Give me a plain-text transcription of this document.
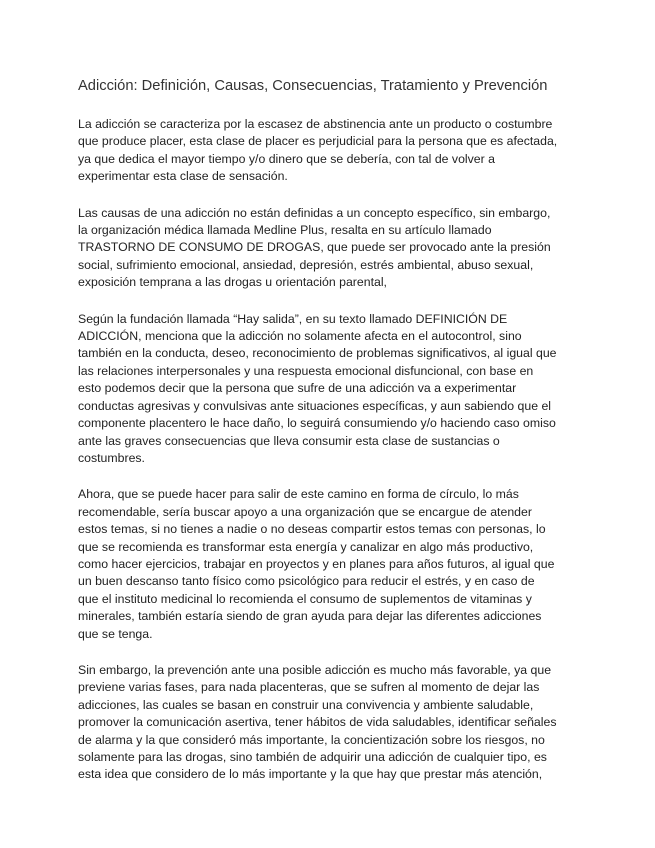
Adicción: Definición, Causas, Consecuencias, Tratamiento y Prevención

La adicción se caracteriza por la escasez de abstinencia ante un producto o costumbre
que produce placer, esta clase de placer es perjudicial para la persona que es afectada,
ya que dedica el mayor tiempo y/o dinero que se debería, con tal de volver a
experimentar esta clase de sensación.

Las causas de una adicción no están definidas a un concepto específico, sin embargo,
la organización médica llamada Medline Plus, resalta en su artículo llamado
TRASTORNO DE CONSUMO DE DROGAS, que puede ser provocado ante la presión
social, sufrimiento emocional, ansiedad, depresión, estrés ambiental, abuso sexual,
exposición temprana a las drogas u orientación parental,

Según la fundación llamada “Hay salida”, en su texto llamado DEFINICIÓN DE
ADICCIÓN, menciona que la adicción no solamente afecta en el autocontrol, sino
también en la conducta, deseo, reconocimiento de problemas significativos, al igual que
las relaciones interpersonales y una respuesta emocional disfuncional, con base en
esto podemos decir que la persona que sufre de una adicción va a experimentar
conductas agresivas y convulsivas ante situaciones específicas, y aun sabiendo que el
componente placentero le hace daño, lo seguirá consumiendo y/o haciendo caso omiso
ante las graves consecuencias que lleva consumir esta clase de sustancias o
costumbres.

Ahora, que se puede hacer para salir de este camino en forma de círculo, lo más
recomendable, sería buscar apoyo a una organización que se encargue de atender
estos temas, si no tienes a nadie o no deseas compartir estos temas con personas, lo
que se recomienda es transformar esta energía y canalizar en algo más productivo,
como hacer ejercicios, trabajar en proyectos y en planes para años futuros, al igual que
un buen descanso tanto físico como psicológico para reducir el estrés, y en caso de
que el instituto medicinal lo recomienda el consumo de suplementos de vitaminas y
minerales, también estaría siendo de gran ayuda para dejar las diferentes adicciones
que se tenga.

Sin embargo, la prevención ante una posible adicción es mucho más favorable, ya que
previene varias fases, para nada placenteras, que se sufren al momento de dejar las
adicciones, las cuales se basan en construir una convivencia y ambiente saludable,
promover la comunicación asertiva, tener hábitos de vida saludables, identificar señales
de alarma y la que consideró más importante, la concientización sobre los riesgos, no
solamente para las drogas, sino también de adquirir una adicción de cualquier tipo, es
esta idea que considero de lo más importante y la que hay que prestar más atención,
